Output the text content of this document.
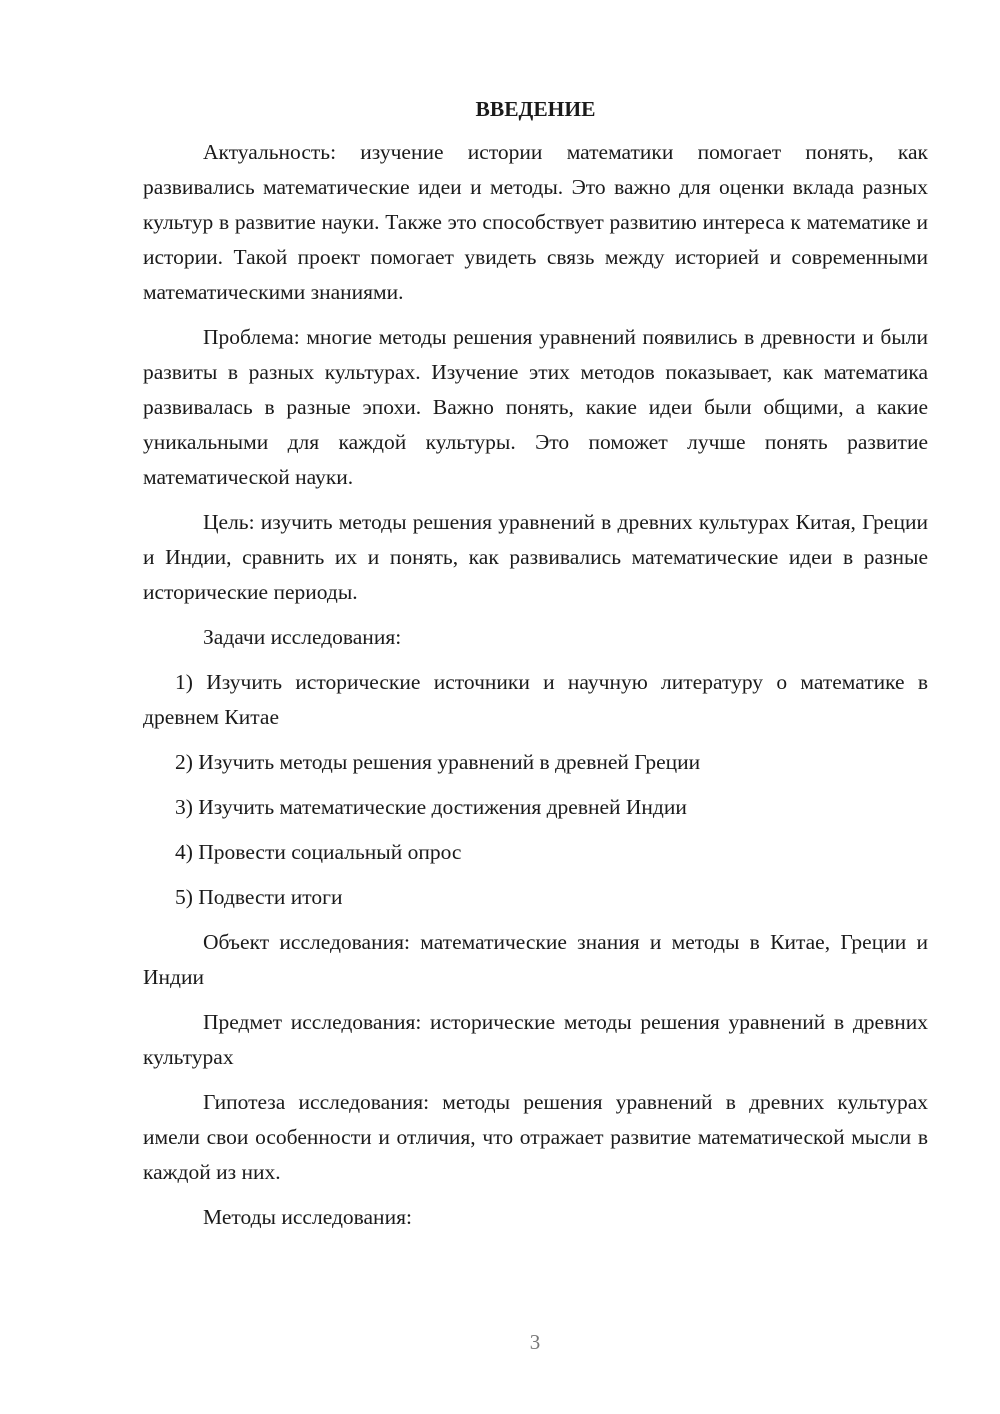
ВВЕДЕНИЕ

Актуальность: изучение истории математики помогает понять, как развивались математические идеи и методы. Это важно для оценки вклада разных культур в развитие науки. Также это способствует развитию интереса к математике и истории. Такой проект помогает увидеть связь между историей и современными математическими знаниями.

Проблема: многие методы решения уравнений появились в древности и были развиты в разных культурах. Изучение этих методов показывает, как математика развивалась в разные эпохи. Важно понять, какие идеи были общими, а какие уникальными для каждой культуры. Это поможет лучше понять развитие математической науки.

Цель: изучить методы решения уравнений в древних культурах Китая, Греции и Индии, сравнить их и понять, как развивались математические идеи в разные исторические периоды.

Задачи исследования:

1) Изучить исторические источники и научную литературу о математике в древнем Китае

2) Изучить методы решения уравнений в древней Греции

3) Изучить математические достижения древней Индии

4) Провести социальный опрос

5) Подвести итоги

Объект исследования: математические знания и методы в Китае, Греции и Индии

Предмет исследования: исторические методы решения уравнений в древних культурах

Гипотеза исследования: методы решения уравнений в древних культурах имели свои особенности и отличия, что отражает развитие математической мысли в каждой из них.

Методы исследования:

3
